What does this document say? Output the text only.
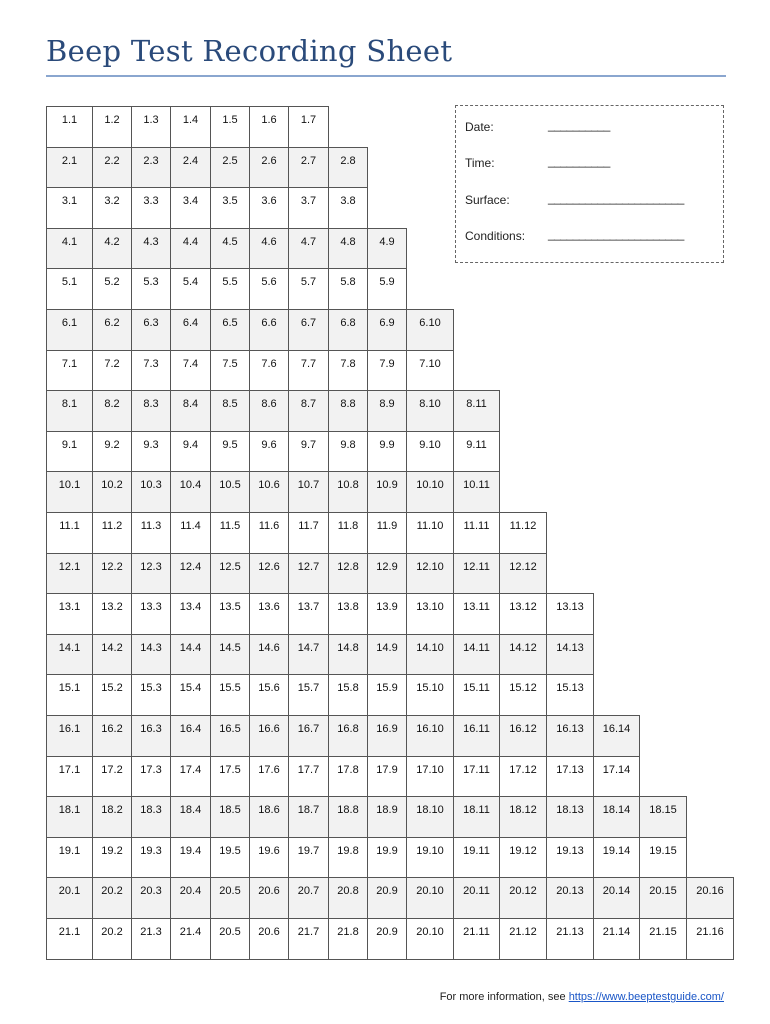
Beep Test Recording Sheet
1.1	1.2	1.3	1.4	1.5	1.6	1.7
2.1	2.2	2.3	2.4	2.5	2.6	2.7	2.8
3.1	3.2	3.3	3.4	3.5	3.6	3.7	3.8
4.1	4.2	4.3	4.4	4.5	4.6	4.7	4.8	4.9
5.1	5.2	5.3	5.4	5.5	5.6	5.7	5.8	5.9
6.1	6.2	6.3	6.4	6.5	6.6	6.7	6.8	6.9	6.10
7.1	7.2	7.3	7.4	7.5	7.6	7.7	7.8	7.9	7.10
8.1	8.2	8.3	8.4	8.5	8.6	8.7	8.8	8.9	8.10	8.11
9.1	9.2	9.3	9.4	9.5	9.6	9.7	9.8	9.9	9.10	9.11
10.1	10.2	10.3	10.4	10.5	10.6	10.7	10.8	10.9	10.10	10.11
11.1	11.2	11.3	11.4	11.5	11.6	11.7	11.8	11.9	11.10	11.11	11.12
12.1	12.2	12.3	12.4	12.5	12.6	12.7	12.8	12.9	12.10	12.11	12.12
13.1	13.2	13.3	13.4	13.5	13.6	13.7	13.8	13.9	13.10	13.11	13.12	13.13
14.1	14.2	14.3	14.4	14.5	14.6	14.7	14.8	14.9	14.10	14.11	14.12	14.13
15.1	15.2	15.3	15.4	15.5	15.6	15.7	15.8	15.9	15.10	15.11	15.12	15.13
16.1	16.2	16.3	16.4	16.5	16.6	16.7	16.8	16.9	16.10	16.11	16.12	16.13	16.14
17.1	17.2	17.3	17.4	17.5	17.6	17.7	17.8	17.9	17.10	17.11	17.12	17.13	17.14
18.1	18.2	18.3	18.4	18.5	18.6	18.7	18.8	18.9	18.10	18.11	18.12	18.13	18.14	18.15
19.1	19.2	19.3	19.4	19.5	19.6	19.7	19.8	19.9	19.10	19.11	19.12	19.13	19.14	19.15
20.1	20.2	20.3	20.4	20.5	20.6	20.7	20.8	20.9	20.10	20.11	20.12	20.13	20.14	20.15	20.16
21.1	20.2	21.3	21.4	20.5	20.6	21.7	21.8	20.9	20.10	21.11	21.12	21.13	21.14	21.15	21.16
Date:	__________
Time:	__________
Surface:	______________________
Conditions: ______________________
For more information, see https://www.beeptestguide.com/
